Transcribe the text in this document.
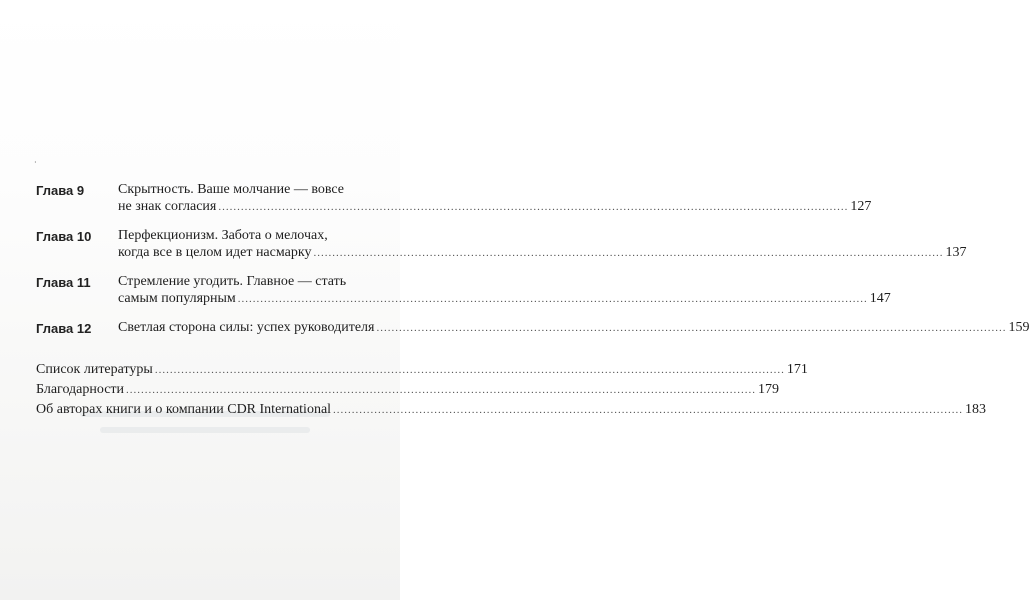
·
Глава 9	Скрытность. Ваше молчание — вовсе
не знак согласия .....	127
Глава 10	Перфекционизм. Забота о мелочах,
когда все в целом идет насмарку .....	137
Глава 11	Стремление угодить. Главное — стать
самым популярным .....	147
Глава 12	Светлая сторона силы: успех руководителя .....	159
Список литературы .....	171
Благодарности .....	179
Об авторах книги и о компании CDR International .....	183
